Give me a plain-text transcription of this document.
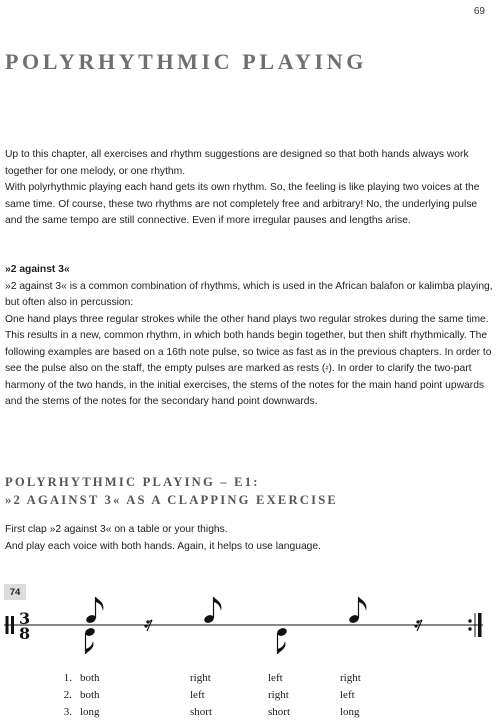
69
POLYRHYTHMIC PLAYING

Up to this chapter, all exercises and rhythm suggestions are designed so that both hands always work together for one melody, or one rhythm.

With polyrhythmic playing each hand gets its own rhythm. So, the feeling is like playing two voices at the same time. Of course, these two rhythms are not completely free and arbitrary! No, the underlying pulse and the same tempo are still connective. Even if more irregular pauses and lengths arise.

»2 against 3«

»2 against 3« is a common combination of rhythms, which is used in the African balafon or kalimba playing, but often also in percussion:

One hand plays three regular strokes while the other hand plays two regular strokes during the same time.

This results in a new, common rhythm, in which both hands begin together, but then shift rhythmically. The following examples are based on a 16th note pulse, so twice as fast as in the previous chapters. In order to see the pulse also on the staff, the empty pulses are marked as rests (𝄿). In order to clarify the two-part harmony of the two hands, in the initial exercises, the stems of the notes for the main hand point upwards and the stems of the notes for the secondary hand point downwards.

POLYRHYTHMIC PLAYING – E1:
»2 AGAINST 3« AS A CLAPPING EXERCISE

First clap »2 against 3« on a table or your thighs.

And play each voice with both hands. Again, it helps to use language.

74
3
8
1.	both	right	left	right
2.	both	left	right	left
3.	long	short	short	long
